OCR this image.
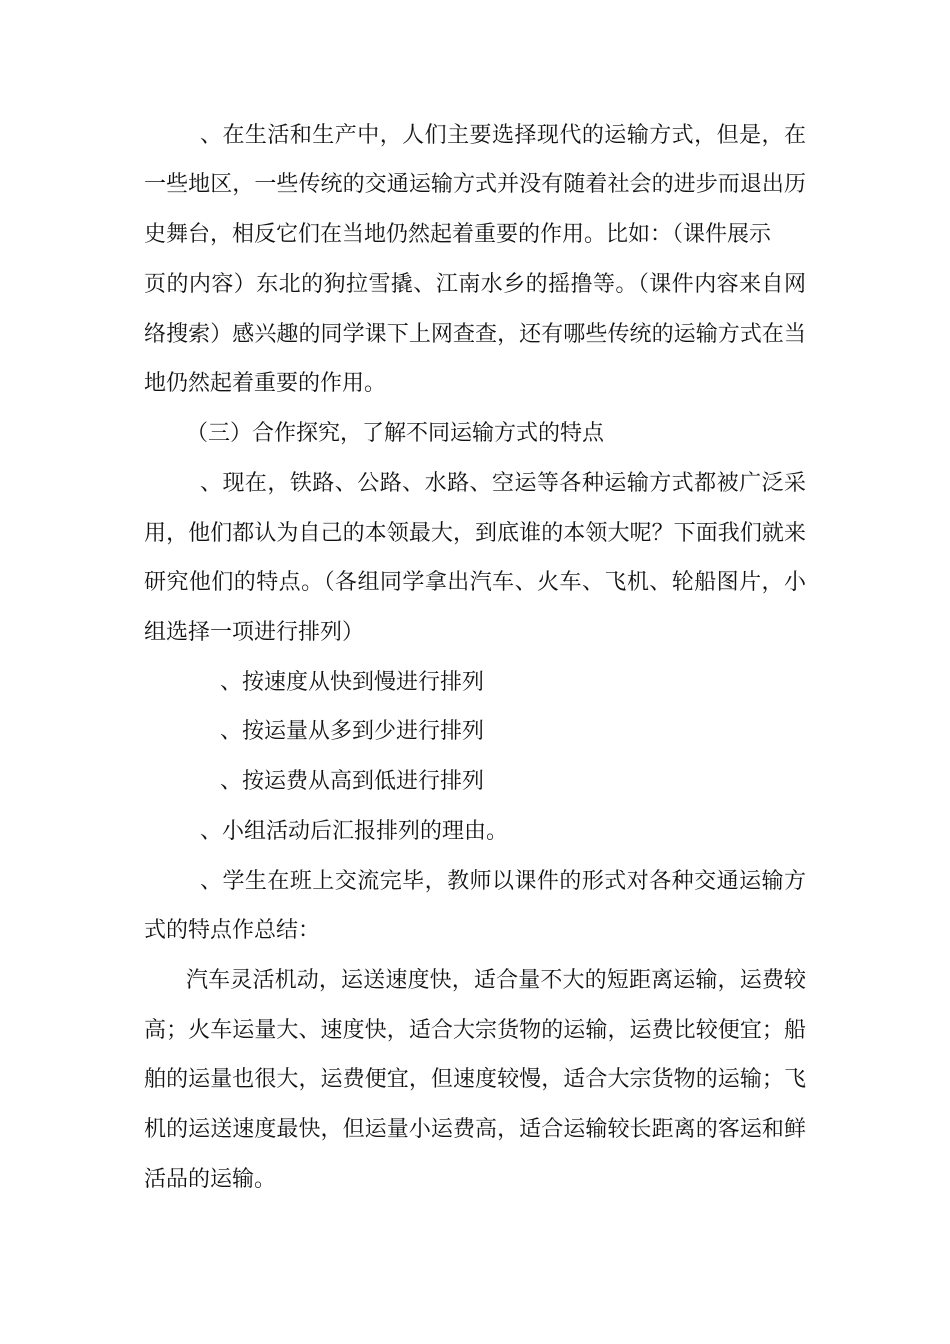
、在生活和生产中，人们主要选择现代的运输方式，但是，在
一些地区，一些传统的交通运输方式并没有随着社会的进步而退出历
史舞台，相反它们在当地仍然起着重要的作用。比如：（课件展示
页的内容）东北的狗拉雪撬、江南水乡的摇撸等。（课件内容来自网
络搜索）感兴趣的同学课下上网查查，还有哪些传统的运输方式在当
地仍然起着重要的作用。
（三）合作探究，了解不同运输方式的特点
、现在，铁路、公路、水路、空运等各种运输方式都被广泛采
用，他们都认为自己的本领最大，到底谁的本领大呢？下面我们就来
研究他们的特点。（各组同学拿出汽车、火车、飞机、轮船图片，小
组选择一项进行排列）
、按速度从快到慢进行排列
、按运量从多到少进行排列
、按运费从高到低进行排列
、小组活动后汇报排列的理由。
、学生在班上交流完毕，教师以课件的形式对各种交通运输方
式的特点作总结：
汽车灵活机动，运送速度快，适合量不大的短距离运输，运费较
高；火车运量大、速度快，适合大宗货物的运输，运费比较便宜；船
舶的运量也很大，运费便宜，但速度较慢，适合大宗货物的运输；飞
机的运送速度最快，但运量小运费高，适合运输较长距离的客运和鲜
活品的运输。
